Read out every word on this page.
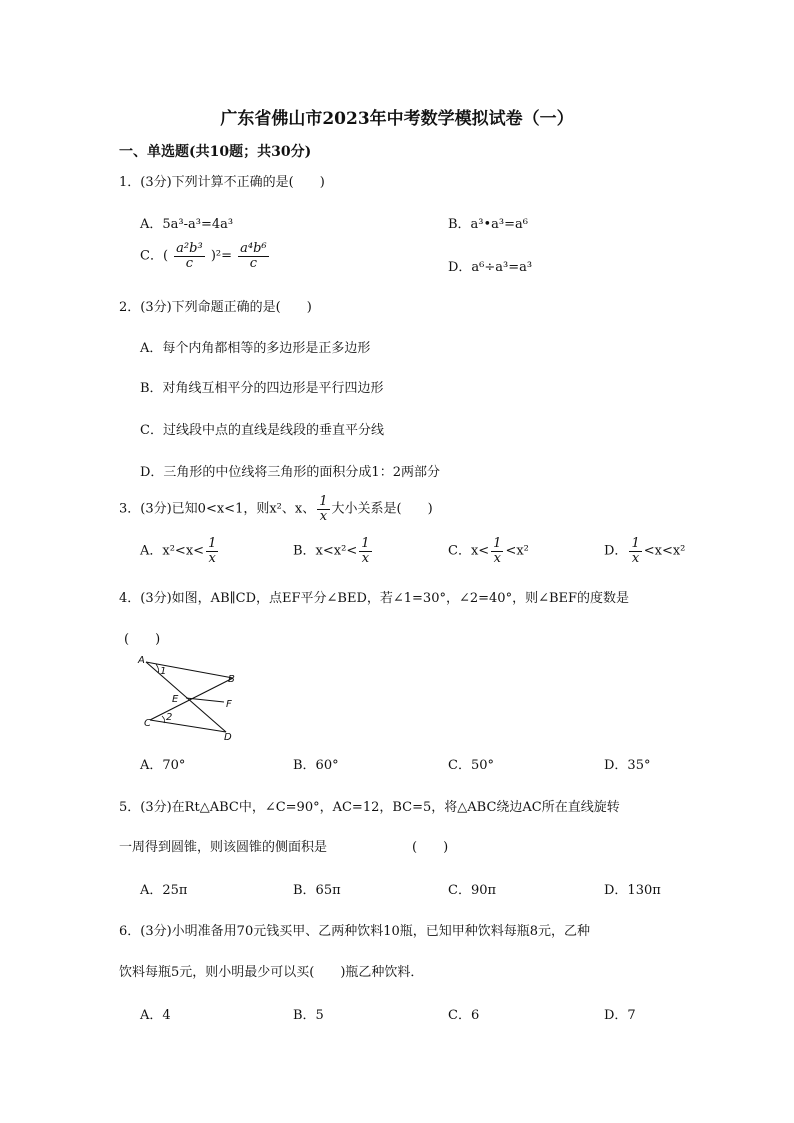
广东省佛山市2023年中考数学模拟试卷（一）
一、单选题(共10题；共30分)
1．(3分)下列计算不正确的是(　　)
A．5a³-a³=4a³	B．a³•a³=a⁶
C．( $\frac{\text{a²b³}}{c} )^2= \frac{\text{a⁴b⁶}}{c}$	D．a⁶÷a³=a³
2．(3分)下列命题正确的是(　　)
A．每个内角都相等的多边形是正多边形
B．对角线互相平分的四边形是平行四边形
C．过线段中点的直线是线段的垂直平分线
D．三角形的中位线将三角形的面积分成1：2两部分
3．(3分)已知0<x<1，则x²、x、 $\frac{1}{x}$ 大小关系是(　　)
A．$x^2<x< \frac{1}{x}$	B．$x<x^2< \frac{1}{x}$	C．$x< \frac{1}{x} <x^2$	D． $\frac{1}{x} <x<x^2$
4．(3分)如图，AB∥CD，点EF平分∠BED，若∠1=30°，∠2=40°，则∠BEF的度数是
(　　)
A
B
C
D
E	F
1
2
A．70°	B．60°	C．50°	D．35°
5．(3分)在Rt△ABC中，∠C=90°，AC=12，BC=5，将△ABC绕边AC所在直线旋转
一周得到圆锥，则该圆锥的侧面积是	(　　)
A．25π	B．65π	C．90π	D．130π
6．(3分)小明准备用70元钱买甲、乙两种饮料10瓶，已知甲种饮料每瓶8元，乙种
饮料每瓶5元，则小明最少可以买(　　)瓶乙种饮料．
A．4	B．5	C．6	D．7
